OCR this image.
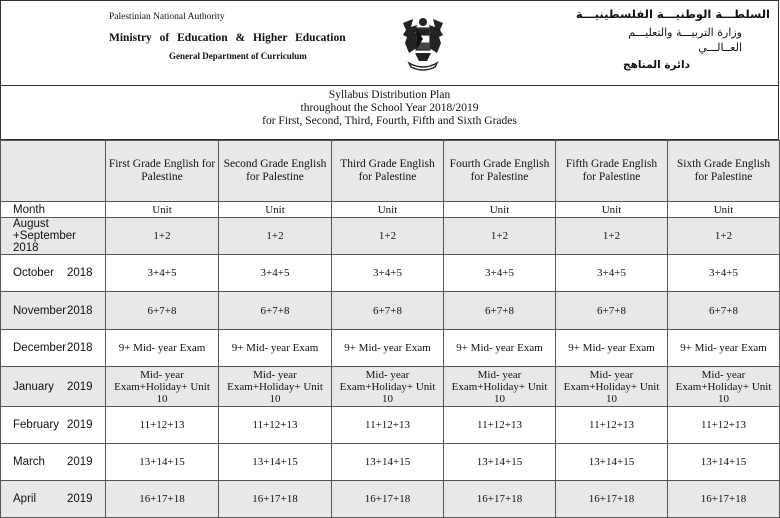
Palestinian National Authority
Ministry of Education & Higher Education
General Department of Curriculum
السلطـــة الوطنيـــة الفلسطينيـــة
وزارة التربيـــة والتعليـــم
العــالـــي
دائرة المناهج
Syllabus Distribution Plan
throughout the School Year 2018/2019
for First, Second, Third, Fourth, Fifth and Sixth Grades
	First Grade English for Palestine	Second Grade English for Palestine	Third Grade English for Palestine	Fourth Grade English for Palestine	Fifth Grade English for Palestine	Sixth Grade English for Palestine
Month	Unit	Unit	Unit	Unit	Unit	Unit
August +September 2018	1+2	1+2	1+2	1+2	1+2	1+2
October 2018	3+4+5	3+4+5	3+4+5	3+4+5	3+4+5	3+4+5
November2018	6+7+8	6+7+8	6+7+8	6+7+8	6+7+8	6+7+8
December2018	9+ Mid- year Exam	9+ Mid- year Exam	9+ Mid- year Exam	9+ Mid- year Exam	9+ Mid- year Exam	9+ Mid- year Exam
January 2019	Mid- year Exam+Holiday+ Unit 10	Mid- year Exam+Holiday+ Unit 10	Mid- year Exam+Holiday+ Unit 10	Mid- year Exam+Holiday+ Unit 10	Mid- year Exam+Holiday+ Unit 10	Mid- year Exam+Holiday+ Unit 10
February 2019	11+12+13	11+12+13	11+12+13	11+12+13	11+12+13	11+12+13
March 2019	13+14+15	13+14+15	13+14+15	13+14+15	13+14+15	13+14+15
April 2019	16+17+18	16+17+18	16+17+18	16+17+18	16+17+18	16+17+18
